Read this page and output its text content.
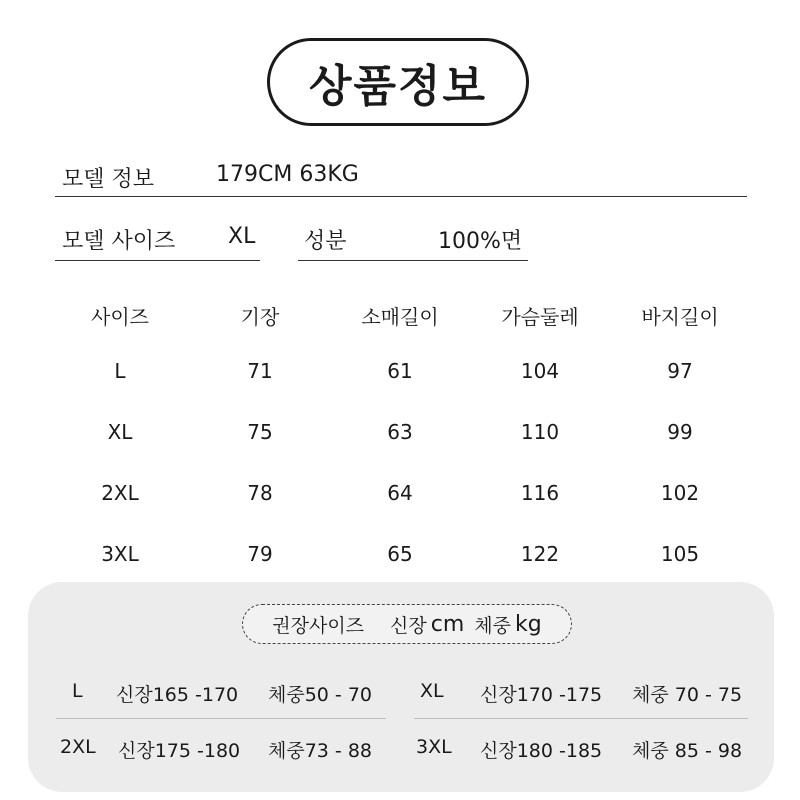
상품정보
모델 정보	179CM 63KG
모델 사이즈 XL 성분	100%면
사이즈	기장	소매길이	가슴둘레	바지길이
L	71	61	104	97
XL	75	63	110	99
2XL	78	64	116	102
3XL	79	65	122	105
권장사이즈 신장 cm 체중 kg
L 신장165 -170 체중50 - 70	XL 신장170 -175 체중 70 - 75
2XL 신장175 -180 체중73 - 88 3XL 신장180 -185 체중 85 - 98
